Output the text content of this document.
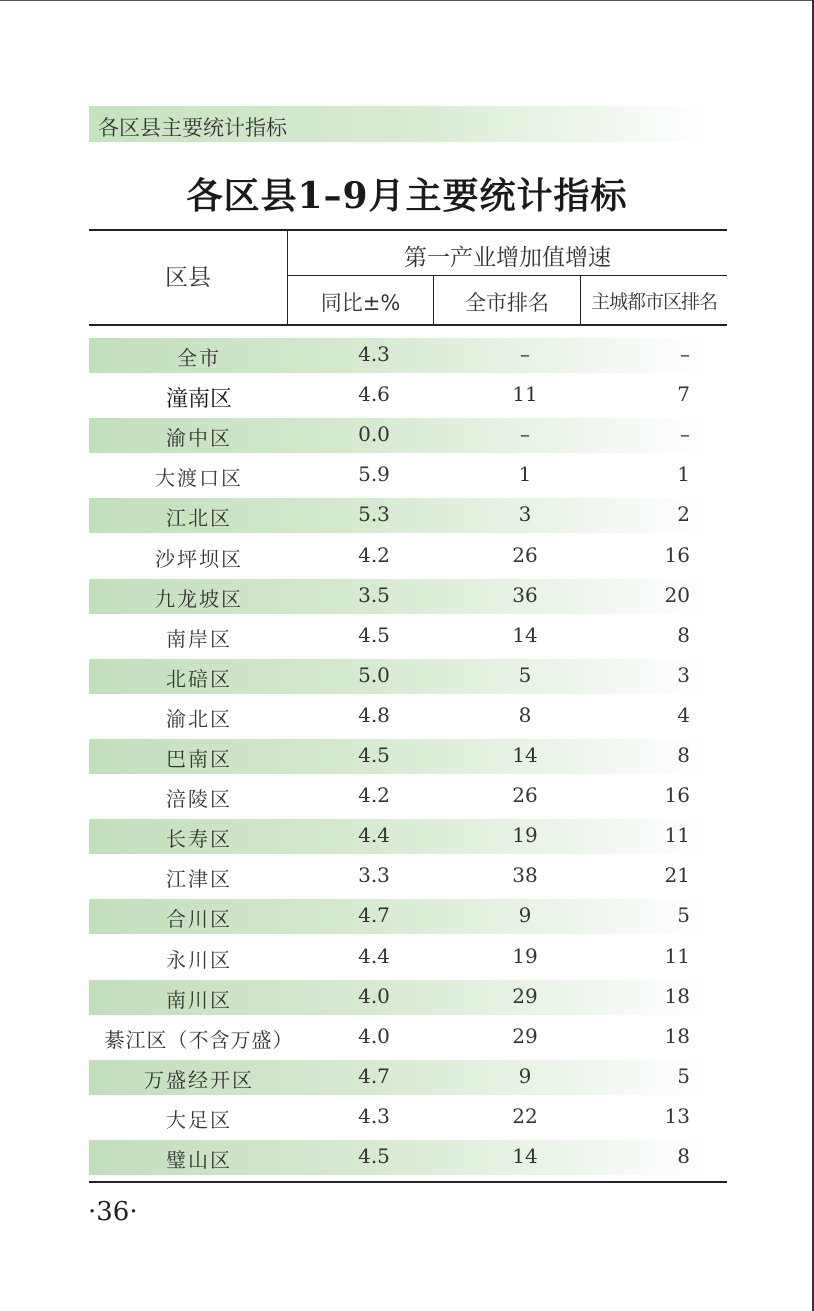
各区县主要统计指标
各区县1–9月主要统计指标
区县
第一产业增加值增速
同比±%	全市排名	主城都市区排名
全市	4.3	–	–
潼南区	4.6	11	7
渝中区	0.0	–	–
大渡口区	5.9	1	1
江北区	5.3	3	2
沙坪坝区	4.2	26	16
九龙坡区	3.5	36	20
南岸区	4.5	14	8
北碚区	5.0	5	3
渝北区	4.8	8	4
巴南区	4.5	14	8
涪陵区	4.2	26	16
长寿区	4.4	19	11
江津区	3.3	38	21
合川区	4.7	9	5
永川区	4.4	19	11
南川区	4.0	29	18
綦江区（不含万盛）	4.0	29	18
万盛经开区	4.7	9	5
大足区	4.3	22	13
璧山区	4.5	14	8
·36·
